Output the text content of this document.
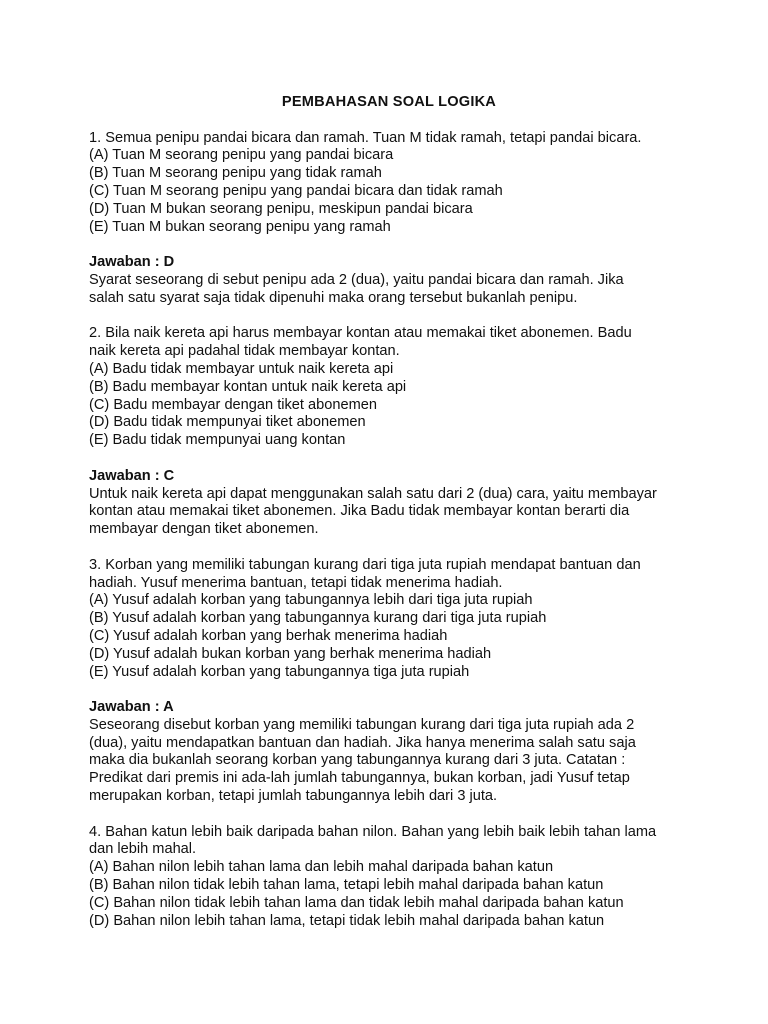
PEMBAHASAN SOAL LOGIKA
1. Semua penipu pandai bicara dan ramah. Tuan M tidak ramah, tetapi pandai bicara.
(A) Tuan M seorang penipu yang pandai bicara
(B) Tuan M seorang penipu yang tidak ramah
(C) Tuan M seorang penipu yang pandai bicara dan tidak ramah
(D) Tuan M bukan seorang penipu, meskipun pandai bicara
(E) Tuan M bukan seorang penipu yang ramah
Jawaban : D
Syarat seseorang di sebut penipu ada 2 (dua), yaitu pandai bicara dan ramah. Jika
salah satu syarat saja tidak dipenuhi maka orang tersebut bukanlah penipu.
2. Bila naik kereta api harus membayar kontan atau memakai tiket abonemen. Badu
naik kereta api padahal tidak membayar kontan.
(A) Badu tidak membayar untuk naik kereta api
(B) Badu membayar kontan untuk naik kereta api
(C) Badu membayar dengan tiket abonemen
(D) Badu tidak mempunyai tiket abonemen
(E) Badu tidak mempunyai uang kontan
Jawaban : C
Untuk naik kereta api dapat menggunakan salah satu dari 2 (dua) cara, yaitu membayar
kontan atau memakai tiket abonemen. Jika Badu tidak membayar kontan berarti dia
membayar dengan tiket abonemen.
3. Korban yang memiliki tabungan kurang dari tiga juta rupiah mendapat bantuan dan
hadiah. Yusuf menerima bantuan, tetapi tidak menerima hadiah.
(A) Yusuf adalah korban yang tabungannya lebih dari tiga juta rupiah
(B) Yusuf adalah korban yang tabungannya kurang dari tiga juta rupiah
(C) Yusuf adalah korban yang berhak menerima hadiah
(D) Yusuf adalah bukan korban yang berhak menerima hadiah
(E) Yusuf adalah korban yang tabungannya tiga juta rupiah
Jawaban : A
Seseorang disebut korban yang memiliki tabungan kurang dari tiga juta rupiah ada 2
(dua), yaitu mendapatkan bantuan dan hadiah. Jika hanya menerima salah satu saja
maka dia bukanlah seorang korban yang tabungannya kurang dari 3 juta. Catatan :
Predikat dari premis ini ada-lah jumlah tabungannya, bukan korban, jadi Yusuf tetap
merupakan korban, tetapi jumlah tabungannya lebih dari 3 juta.
4. Bahan katun lebih baik daripada bahan nilon. Bahan yang lebih baik lebih tahan lama
dan lebih mahal.
(A) Bahan nilon lebih tahan lama dan lebih mahal daripada bahan katun
(B) Bahan nilon tidak lebih tahan lama, tetapi lebih mahal daripada bahan katun
(C) Bahan nilon tidak lebih tahan lama dan tidak lebih mahal daripada bahan katun
(D) Bahan nilon lebih tahan lama, tetapi tidak lebih mahal daripada bahan katun
